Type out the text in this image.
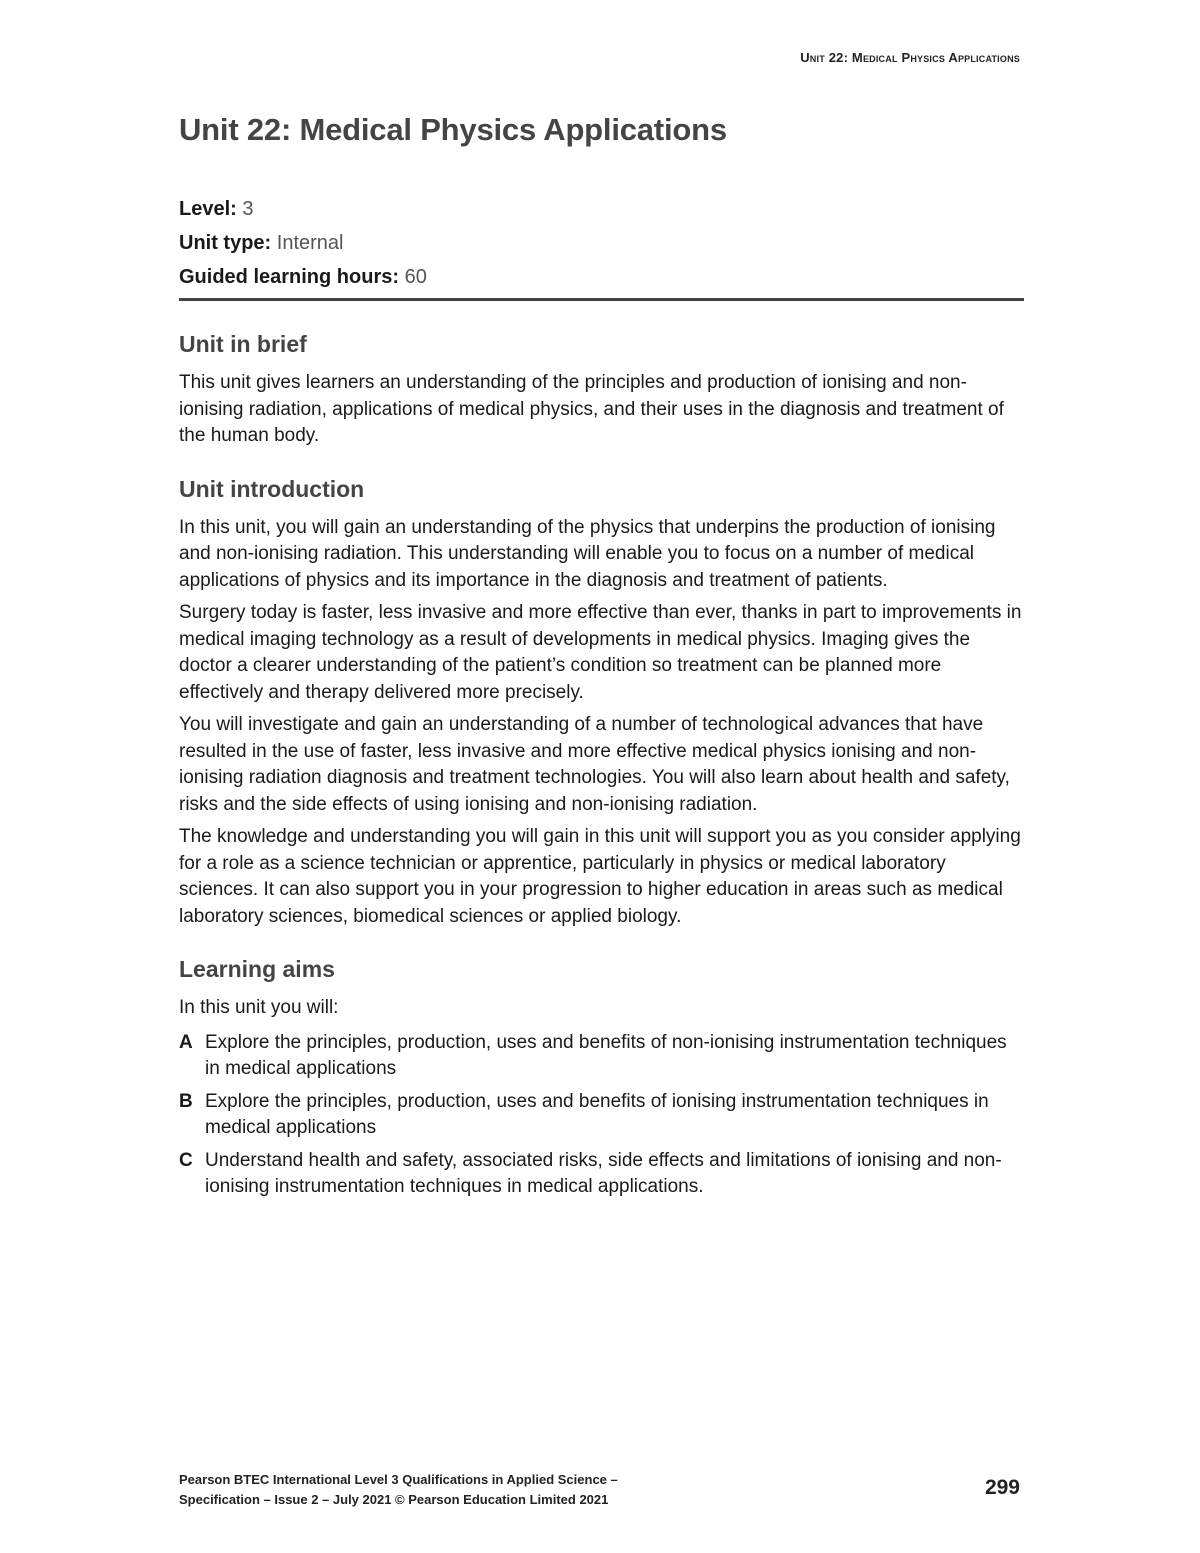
Unit 22: Medical Physics Applications
Unit 22: Medical Physics Applications
Level: 3
Unit type: Internal
Guided learning hours: 60
Unit in brief

This unit gives learners an understanding of the principles and production of ionising and non-ionising radiation, applications of medical physics, and their uses in the diagnosis and treatment of the human body.

Unit introduction

In this unit, you will gain an understanding of the physics that underpins the production of ionising and non-ionising radiation. This understanding will enable you to focus on a number of medical applications of physics and its importance in the diagnosis and treatment of patients.

Surgery today is faster, less invasive and more effective than ever, thanks in part to improvements in medical imaging technology as a result of developments in medical physics. Imaging gives the doctor a clearer understanding of the patient’s condition so treatment can be planned more effectively and therapy delivered more precisely.

You will investigate and gain an understanding of a number of technological advances that have resulted in the use of faster, less invasive and more effective medical physics ionising and non-ionising radiation diagnosis and treatment technologies. You will also learn about health and safety, risks and the side effects of using ionising and non-ionising radiation.

The knowledge and understanding you will gain in this unit will support you as you consider applying for a role as a science technician or apprentice, particularly in physics or medical laboratory sciences. It can also support you in your progression to higher education in areas such as medical laboratory sciences, biomedical sciences or applied biology.

Learning aims

In this unit you will:

A Explore the principles, production, uses and benefits of non-ionising instrumentation techniques in medical applications
B Explore the principles, production, uses and benefits of ionising instrumentation techniques in medical applications
C Understand health and safety, associated risks, side effects and limitations of ionising and non-ionising instrumentation techniques in medical applications.
Pearson BTEC International Level 3 Qualifications in Applied Science –
Specification – Issue 2 – July 2021 © Pearson Education Limited 2021
299
